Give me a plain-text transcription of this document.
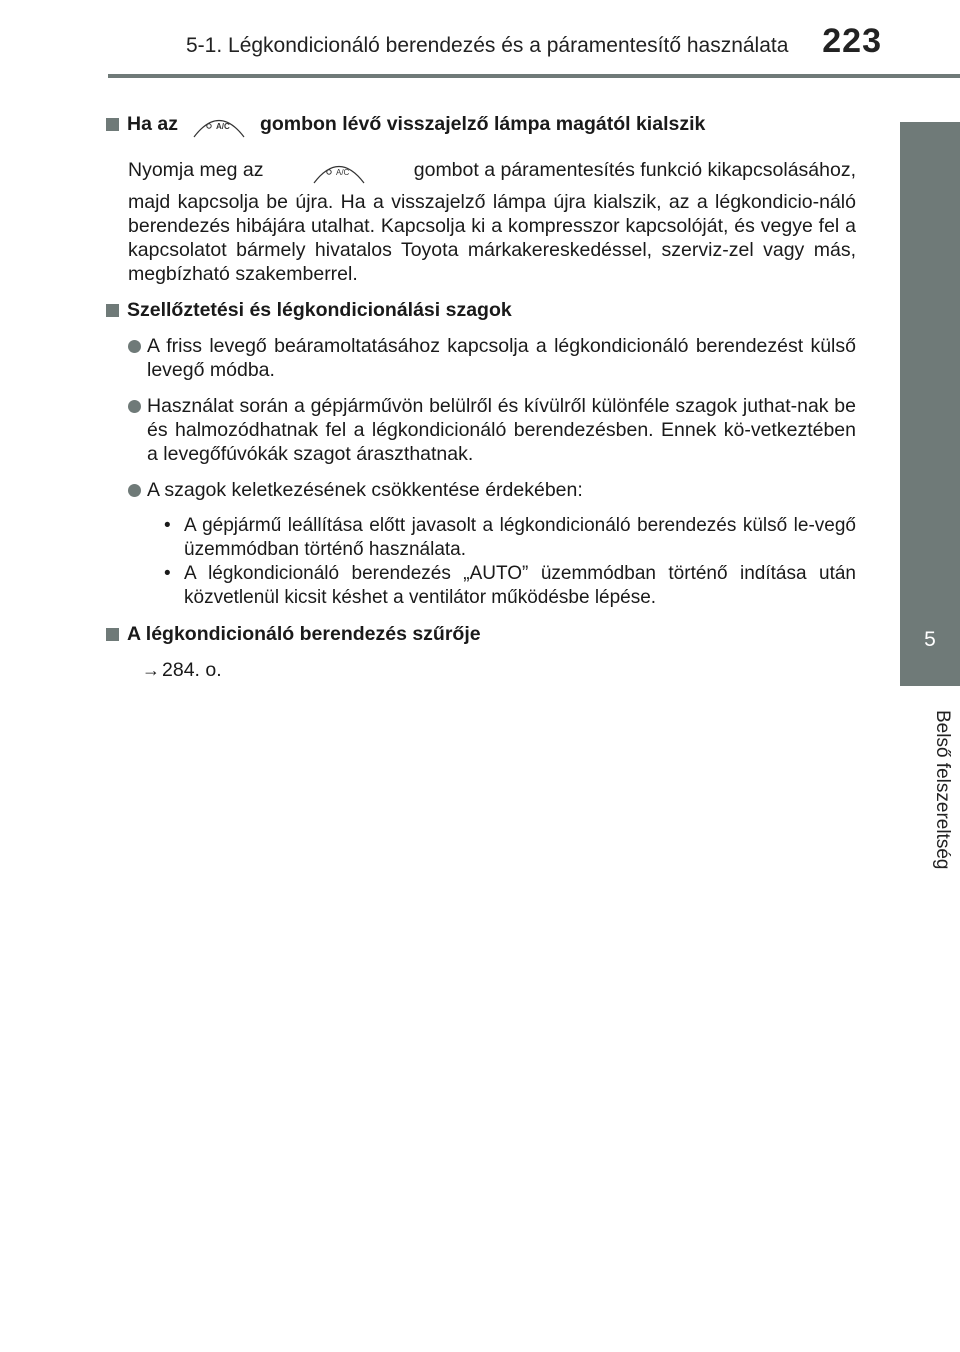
5-1. Légkondicionáló berendezés és a páramentesítő használata 223
5
Belső felszereltség
Ha az	A/C gombon lévő visszajelző lámpa magától kialszik
Nyomja meg az	A/C	gombot a páramentesítés funkció kikapcsolásához,
majd kapcsolja be újra. Ha a visszajelző lámpa újra kialszik, az a légkondicio-náló berendezés hibájára utalhat. Kapcsolja ki a kompresszor kapcsolóját, és vegye fel a kapcsolatot bármely hivatalos Toyota márkakereskedéssel, szerviz-zel vagy más, megbízható szakemberrel.
Szellőztetési és légkondicionálási szagok
A friss levegő beáramoltatásához kapcsolja a légkondicionáló berendezést külső levegő módba.
Használat során a gépjárművön belülről és kívülről különféle szagok juthat-nak be és halmozódhatnak fel a légkondicionáló berendezésben. Ennek kö-vetkeztében a levegőfúvókák szagot áraszthatnak.
A szagok keletkezésének csökkentése érdekében:
• A gépjármű leállítása előtt javasolt a légkondicionáló berendezés külső le-vegő üzemmódban történő használata.
• A légkondicionáló berendezés „AUTO” üzemmódban történő indítása után közvetlenül kicsit késhet a ventilátor működésbe lépése.
A légkondicionáló berendezés szűrője
→ 284. o.
